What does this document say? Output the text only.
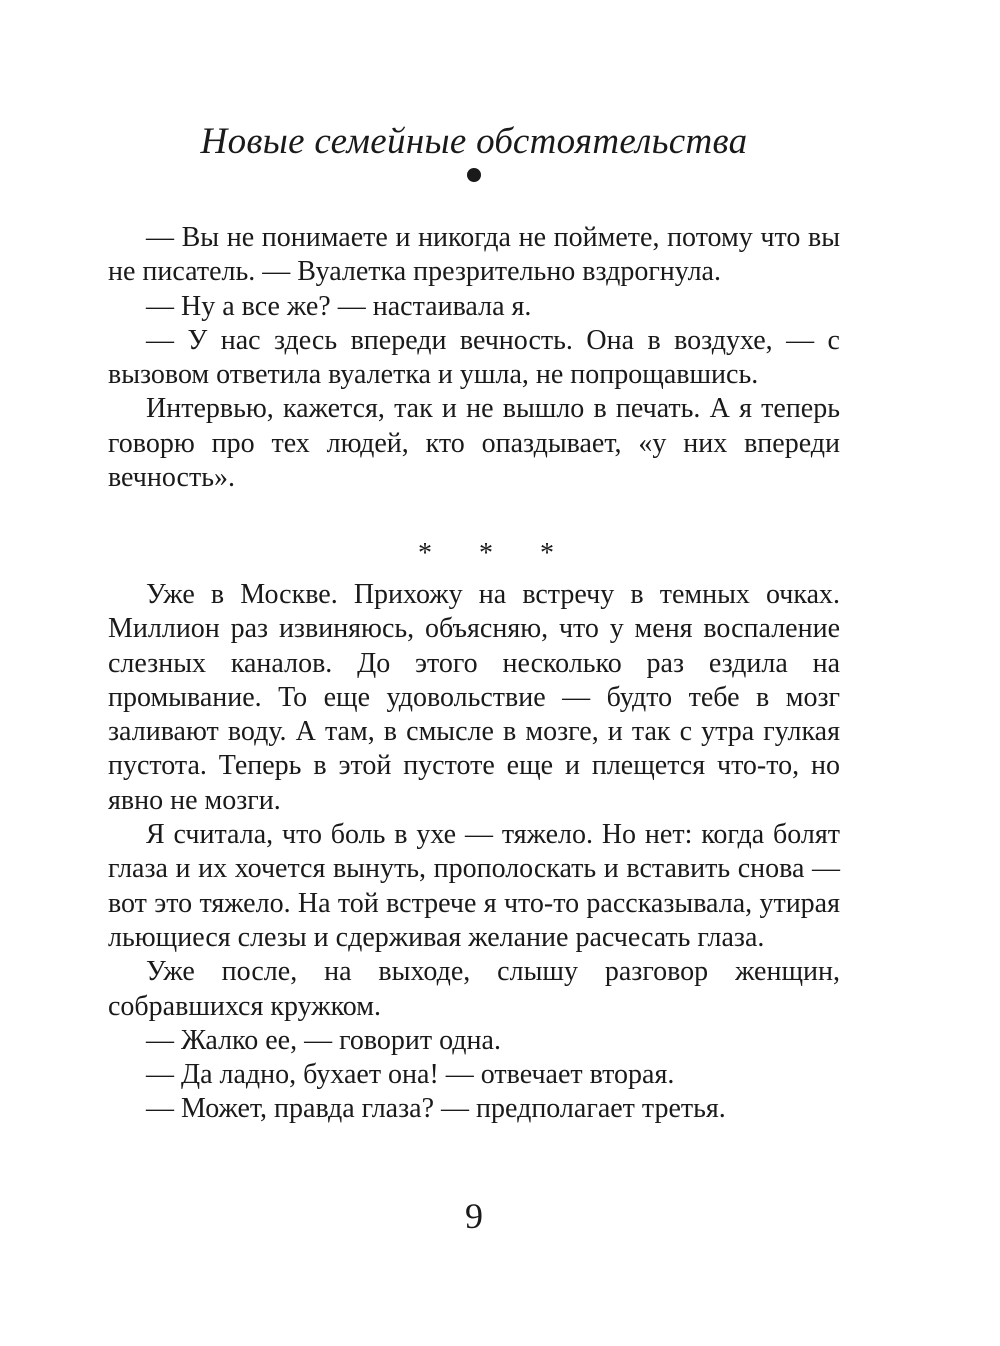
Новые семейные обстоятельства

— Вы не понимаете и никогда не поймете, потому что вы не писатель. — Вуалетка презрительно вздрогнула.

— Ну а все же? — настаивала я.

— У нас здесь впереди вечность. Она в воздухе, — с вызовом ответила вуалетка и ушла, не попрощавшись.

Интервью, кажется, так и не вышло в печать. А я теперь говорю про тех людей, кто опаздывает, «у них впереди вечность».

* * *

Уже в Москве. Прихожу на встречу в темных очках. Миллион раз извиняюсь, объясняю, что у меня воспаление слезных каналов. До этого несколько раз ездила на промывание. То еще удовольствие — будто тебе в мозг заливают воду. А там, в смысле в мозге, и так с утра гулкая пустота. Теперь в этой пустоте еще и плещется что-то, но явно не мозги.

Я считала, что боль в ухе — тяжело. Но нет: когда болят глаза и их хочется вынуть, прополоскать и вставить снова — вот это тяжело. На той встрече я что-то рассказывала, утирая льющиеся слезы и сдерживая желание расчесать глаза.

Уже после, на выходе, слышу разговор женщин, собравшихся кружком.

— Жалко ее, — говорит одна.

— Да ладно, бухает она! — отвечает вторая.

— Может, правда глаза? — предполагает третья.

9
